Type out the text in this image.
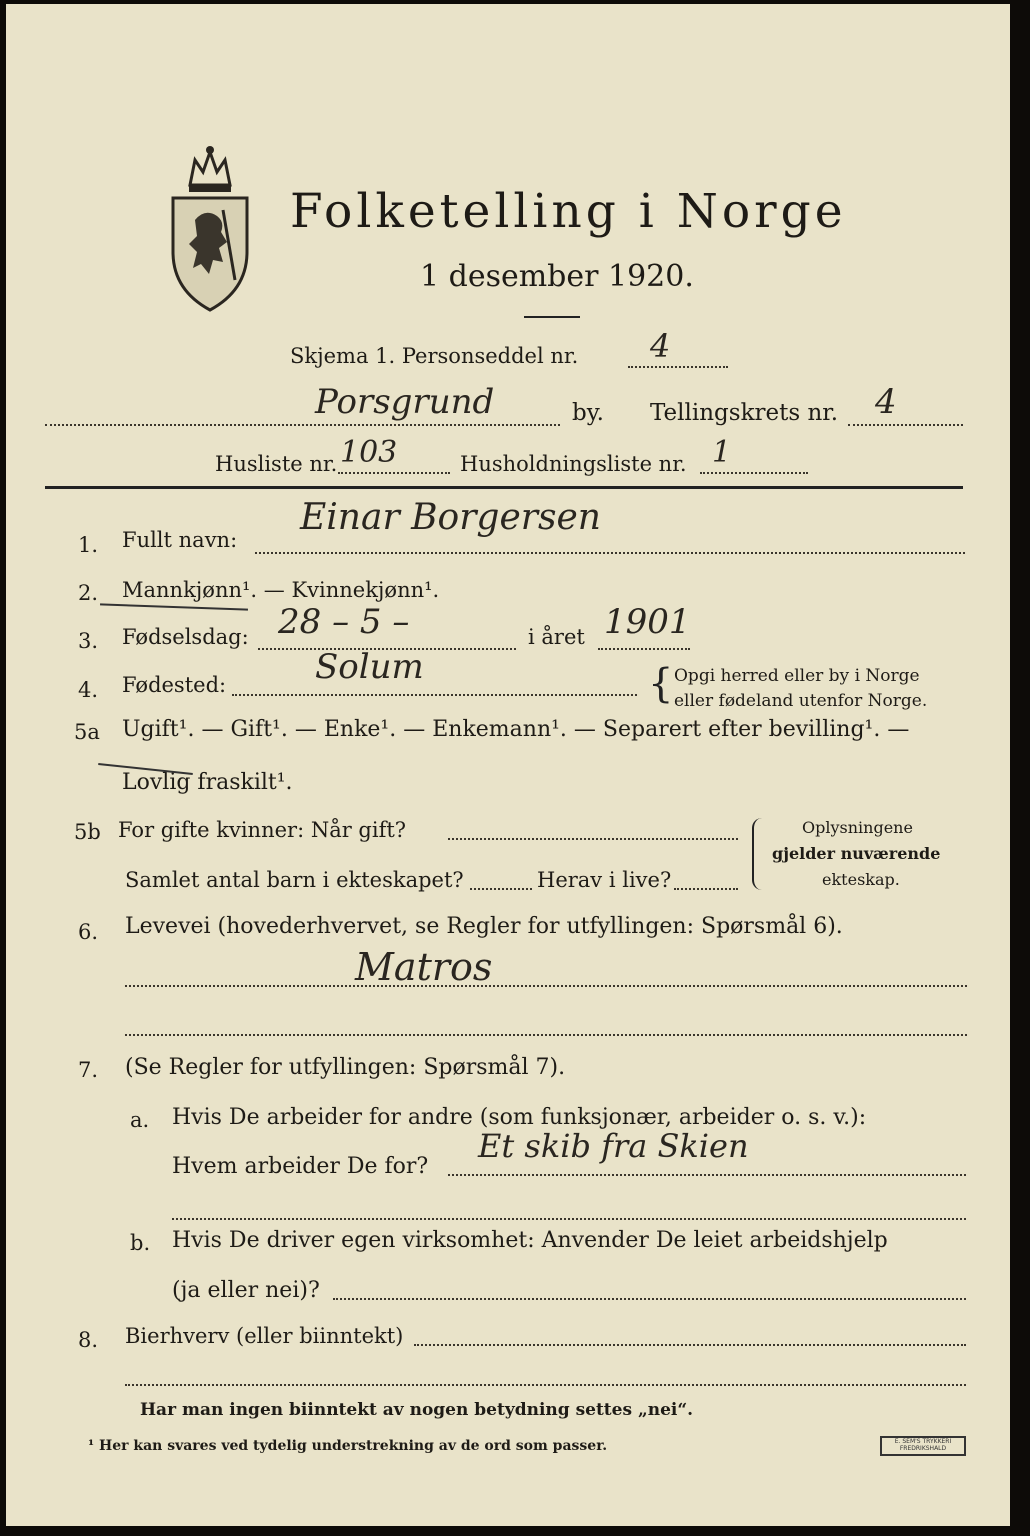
Folketelling i Norge
1 desember 1920.
Skjema 1. Personseddel nr. 4
Porsgrund	by. Tellingskrets nr. 4
Husliste nr. 103	Husholdningsliste nr. 1
1. Fullt navn:
Einar Borgersen
2. Mannkjønn¹. — Kvinnekjønn¹.
3. Fødselsdag: 28 – 5 –	i året 1901
4. Fødested:	Solum	{ Opgi herred eller by i Norge
eller fødeland utenfor Norge.
5a Ugift¹. — Gift¹. — Enke¹. — Enkemann¹. — Separert efter bevilling¹. —
Lovlig fraskilt¹.
5b For gifte kvinner: Når gift?
Samlet antal barn i ekteskapet?	Herav i live?
Oplysningene
gjelder nuværende
ekteskap.
6. Levevei (hovederhvervet, se Regler for utfyllingen: Spørsmål 6).
Matros
7. (Se Regler for utfyllingen: Spørsmål 7).
a. Hvis De arbeider for andre (som funksjonær, arbeider o. s. v.):
Hvem arbeider De for?
Et skib fra Skien
b. Hvis De driver egen virksomhet: Anvender De leiet arbeidshjelp
(ja eller nei)?
8. Bierhverv (eller biinntekt)
Har man ingen biinntekt av nogen betydning settes „nei“.
¹ Her kan svares ved tydelig understrekning av de ord som passer.	E. SEM'S TRYKKERI FREDRIKSHALD
